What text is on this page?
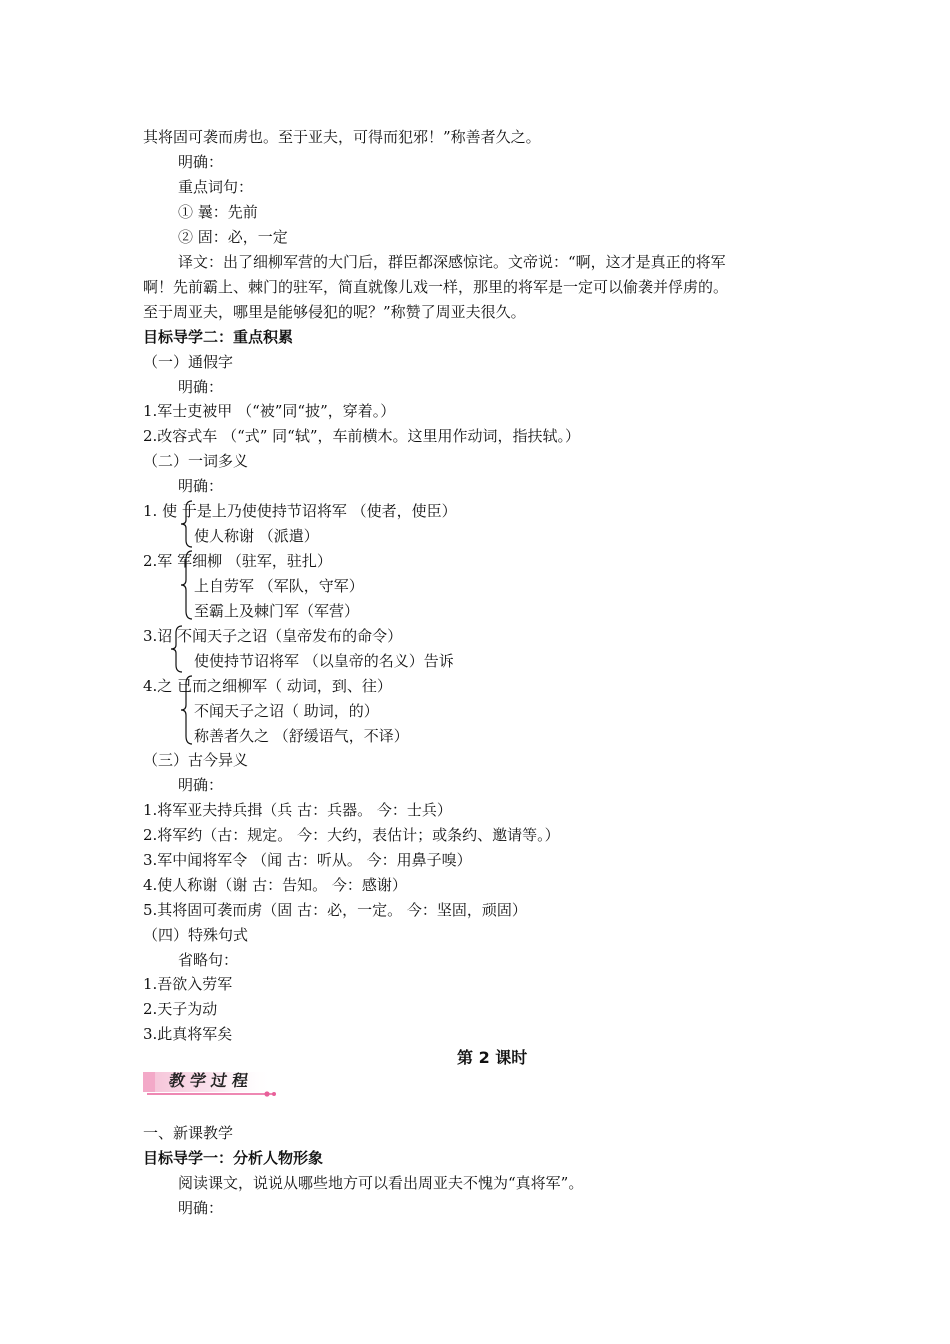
其将固可袭而虏也。至于亚夫，可得而犯邪！”称善者久之。
明确：
重点词句：
① 曩：先前
② 固：必，一定
译文：出了细柳军营的大门后，群臣都深感惊诧。文帝说：“啊，这才是真正的将军
啊！先前霸上、棘门的驻军，简直就像儿戏一样，那里的将军是一定可以偷袭并俘虏的。
至于周亚夫，哪里是能够侵犯的呢？”称赞了周亚夫很久。
目标导学二：重点积累
（一）通假字
明确：
1.军士吏被甲 （“被”同“披”，穿着。）
2.改容式车 （“式” 同“轼”，车前横木。这里用作动词，指扶轼。）
（二）一词多义
明确：
1. 使 于是上乃使使持节诏将军 （使者，使臣）
使人称谢 （派遣）
2.军 军细柳 （驻军，驻扎）
上自劳军 （军队，守军）
至霸上及棘门军（军营）
3.诏 不闻天子之诏（皇帝发布的命令）
使使持节诏将军 （以皇帝的名义）告诉
4.之 已而之细柳军（ 动词，到、往）
不闻天子之诏（ 助词，的）
称善者久之 （舒缓语气，不译）
（三）古今异义
明确：
1.将军亚夫持兵揖（兵 古：兵器。 今：士兵）
2.将军约（古：规定。 今：大约，表估计；或条约、邀请等。）
3.军中闻将军令 （闻 古：听从。 今：用鼻子嗅）
4.使人称谢（谢 古：告知。 今：感谢）
5.其将固可袭而虏（固 古：必，一定。 今：坚固，顽固）
（四）特殊句式
省略句：
1.吾欲入劳军
2.天子为动
3.此真将军矣
第 2 课时
教学过程
一、新课教学
目标导学一：分析人物形象
阅读课文，说说从哪些地方可以看出周亚夫不愧为“真将军”。
明确：
